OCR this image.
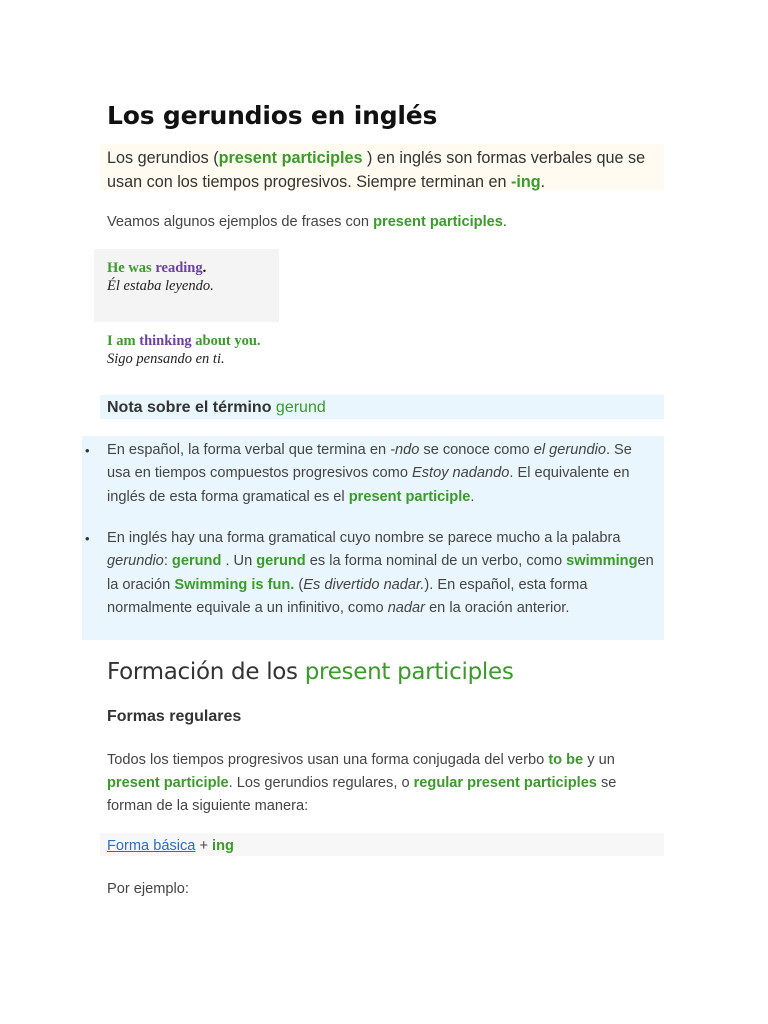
Los gerundios en inglés

Los gerundios (present participles ) en inglés son formas verbales que se usan con los tiempos progresivos. Siempre terminan en -ing.

Veamos algunos ejemplos de frases con present participles.

He was reading.
Él estaba leyendo.
I am thinking about you.
Sigo pensando en ti.
Nota sobre el término gerund

• En español, la forma verbal que termina en -ndo se conoce como el gerundio. Se usa en tiempos compuestos progresivos como Estoy nadando. El equivalente en inglés de esta forma gramatical es el present participle.

• En inglés hay una forma gramatical cuyo nombre se parece mucho a la palabra gerundio: gerund . Un gerund es la forma nominal de un verbo, como swimmingen la oración Swimming is fun. (Es divertido nadar.). En español, esta forma normalmente equivale a un infinitivo, como nadar en la oración anterior.

Formación de los present participles
Formas regulares

Todos los tiempos progresivos usan una forma conjugada del verbo to be y un present participle. Los gerundios regulares, o regular present participles se forman de la siguiente manera:

Forma básica + ing

Por ejemplo:
